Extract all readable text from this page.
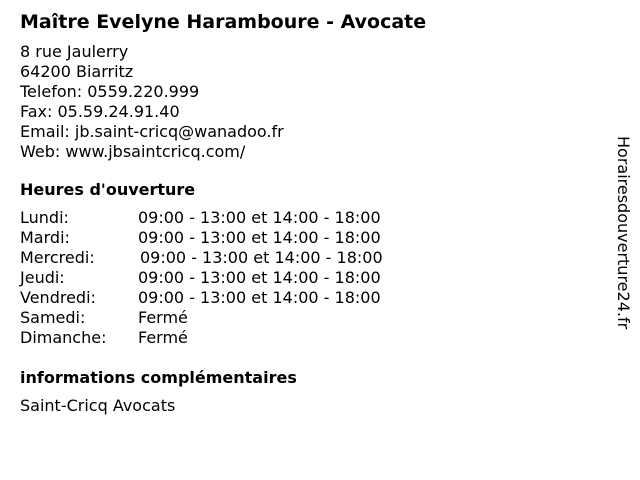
Maître Evelyne Haramboure - Avocate
8 rue Jaulerry
64200 Biarritz
Telefon: 0559.220.999
Fax: 05.59.24.91.40
Email: jb.saint-cricq@wanadoo.fr
Web: www.jbsaintcricq.com/
Heures d'ouverture
Lundi:	09:00 - 13:00 et 14:00 - 18:00
Mardi:	09:00 - 13:00 et 14:00 - 18:00
Mercredi:	09:00 - 13:00 et 14:00 - 18:00
Jeudi:	09:00 - 13:00 et 14:00 - 18:00
Vendredi:	09:00 - 13:00 et 14:00 - 18:00
Samedi:	Fermé
Dimanche: Fermé
informations complémentaires
Saint-Cricq Avocats
Horairesdouverture24.fr
